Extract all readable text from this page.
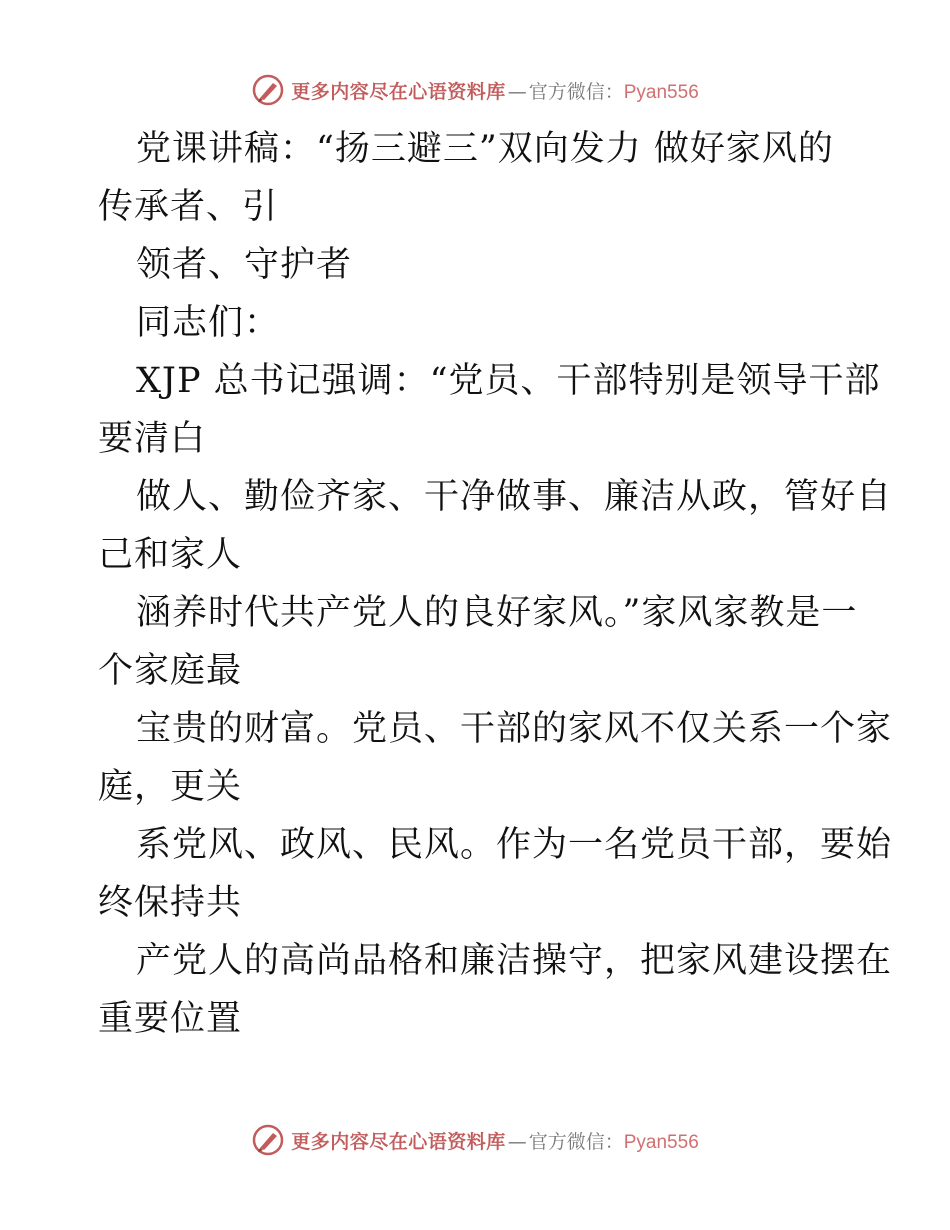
更多内容尽在心语资料库 — 官方微信： Pyan556
党课讲稿：“扬三避三”双向发力 做好家风的
传承者、引
领者、守护者
同志们：
XJP 总书记强调：“党员、干部特别是领导干部
要清白
做人、勤俭齐家、干净做事、廉洁从政，管好自
己和家人
涵养时代共产党人的良好家风。”家风家教是一
个家庭最
宝贵的财富。党员、干部的家风不仅关系一个家
庭，更关
系党风、政风、民风。作为一名党员干部，要始
终保持共
产党人的高尚品格和廉洁操守，把家风建设摆在
重要位置
更多内容尽在心语资料库 — 官方微信： Pyan556
